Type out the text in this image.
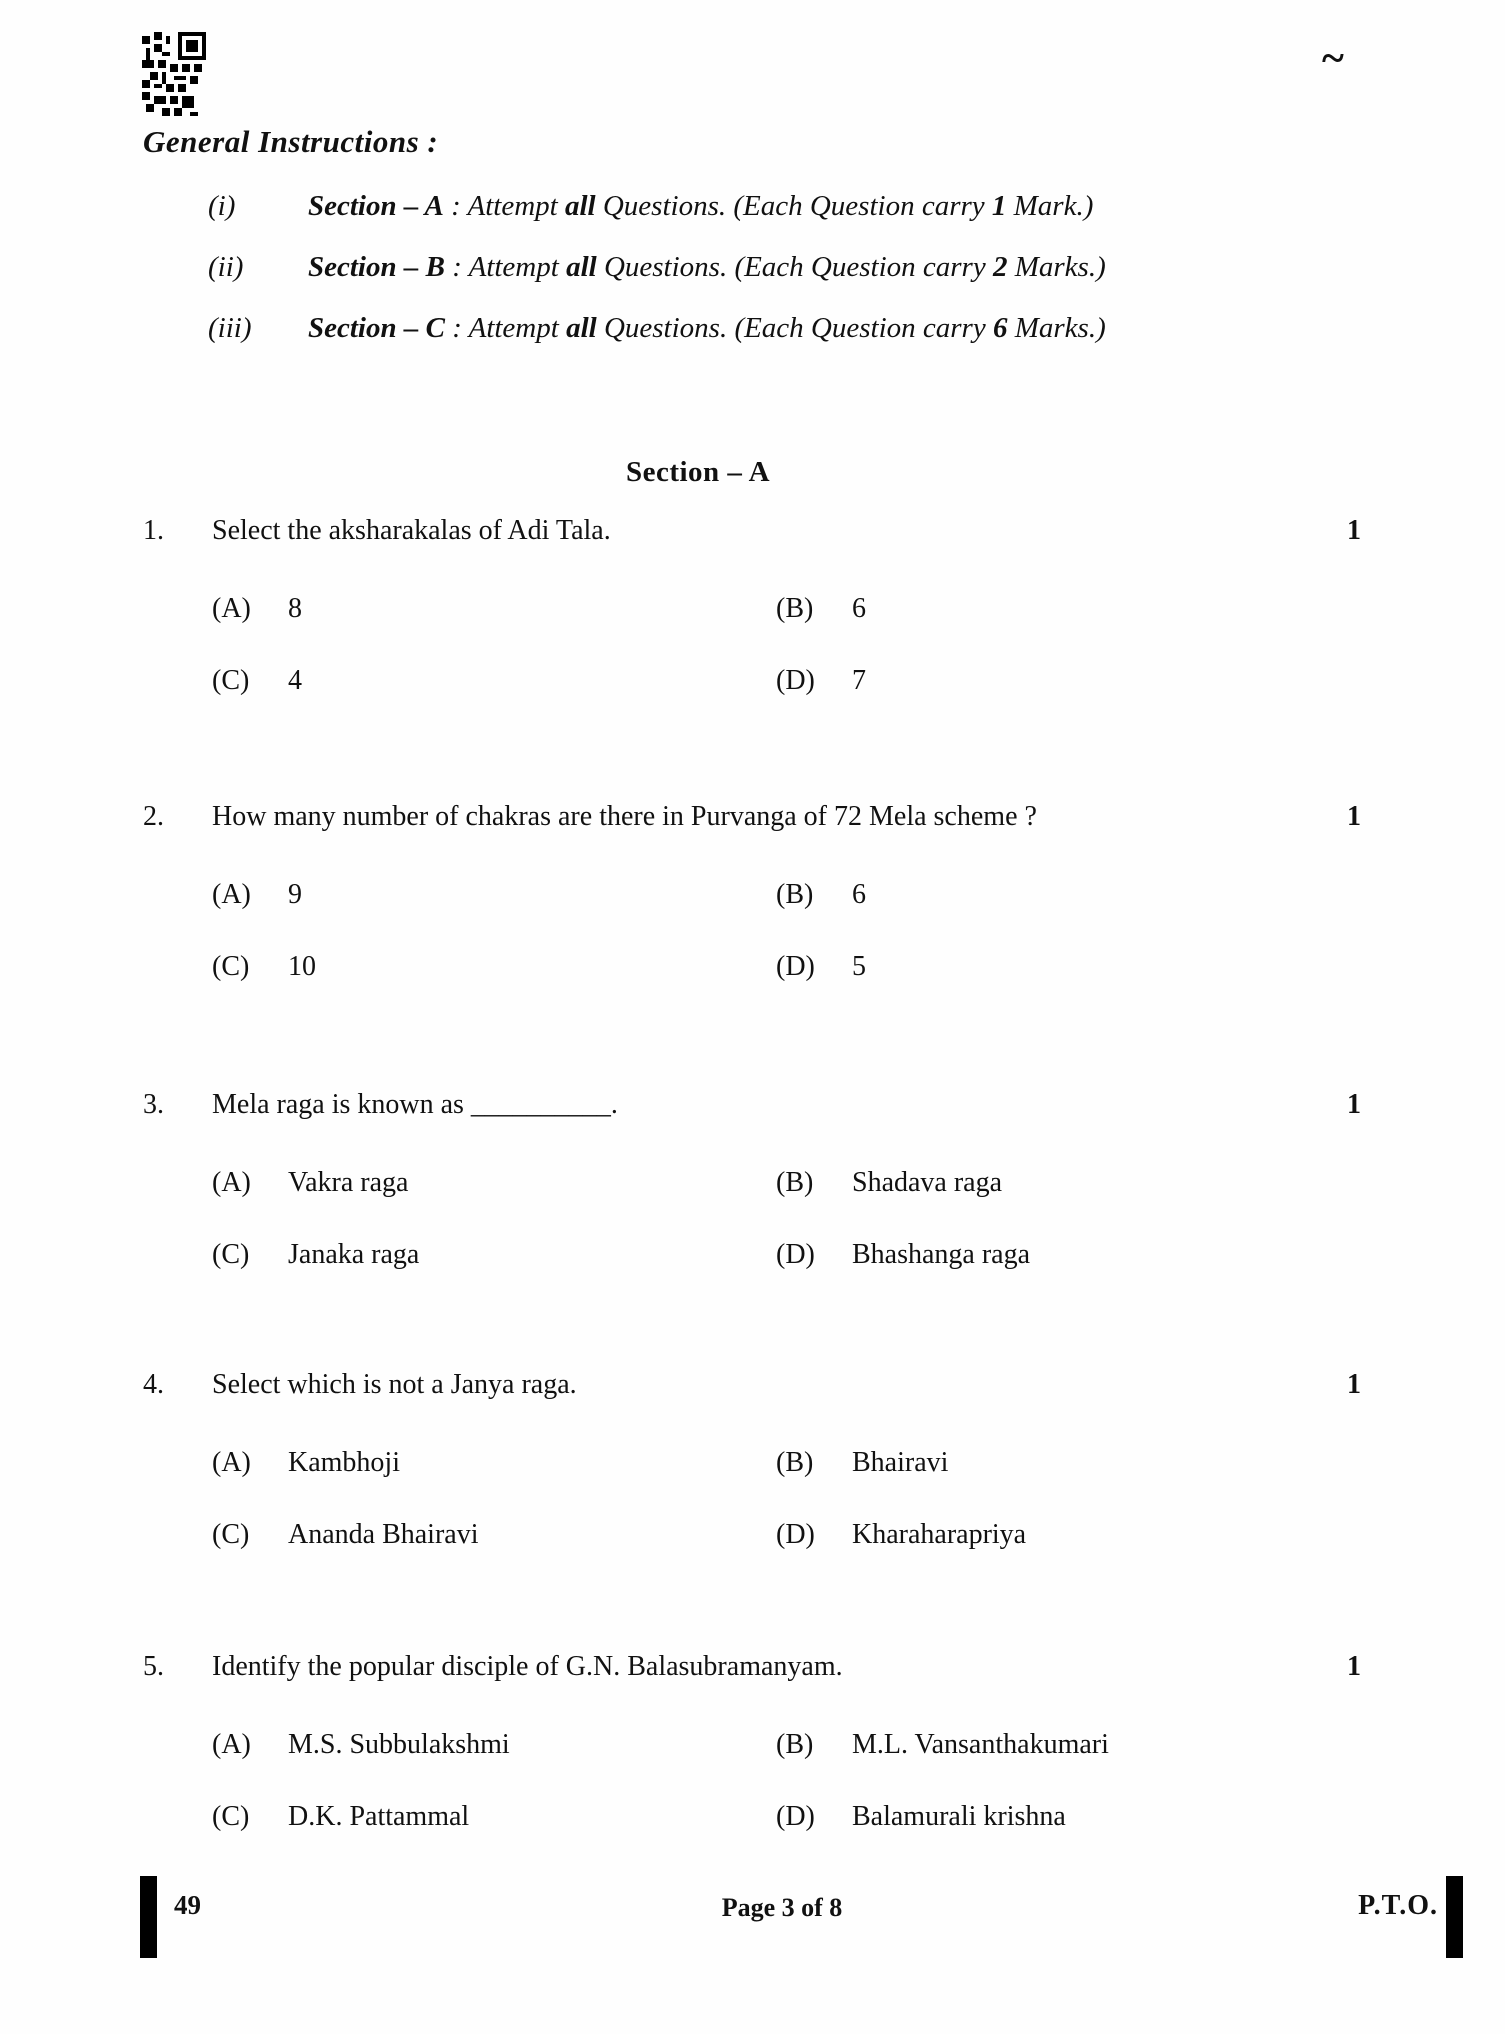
~
General Instructions :
(i)	Section – A : Attempt all Questions. (Each Question carry 1 Mark.)
(ii)	Section – B : Attempt all Questions. (Each Question carry 2 Marks.)
(iii)	Section – C : Attempt all Questions. (Each Question carry 6 Marks.)
Section – A
1.	Select the aksharakalas of Adi Tala.	1
(A)	8	(B)	6
(C)	4	(D)	7
2.	How many number of chakras are there in Purvanga of 72 Mela scheme ?	1
(A)	9	(B)	6
(C)	10	(D)	5
3.	Mela raga is known as __________.	1
(A)	Vakra raga	(B)	Shadava raga
(C)	Janaka raga	(D)	Bhashanga raga
4.	Select which is not a Janya raga.	1
(A)	Kambhoji	(B)	Bhairavi
(C)	Ananda Bhairavi	(D)	Kharaharapriya
5.	Identify the popular disciple of G.N. Balasubramanyam.	1
(A)	M.S. Subbulakshmi	(B)	M.L. Vansanthakumari
(C)	D.K. Pattammal	(D)	Balamurali krishna
49	Page 3 of 8	P.T.O.
